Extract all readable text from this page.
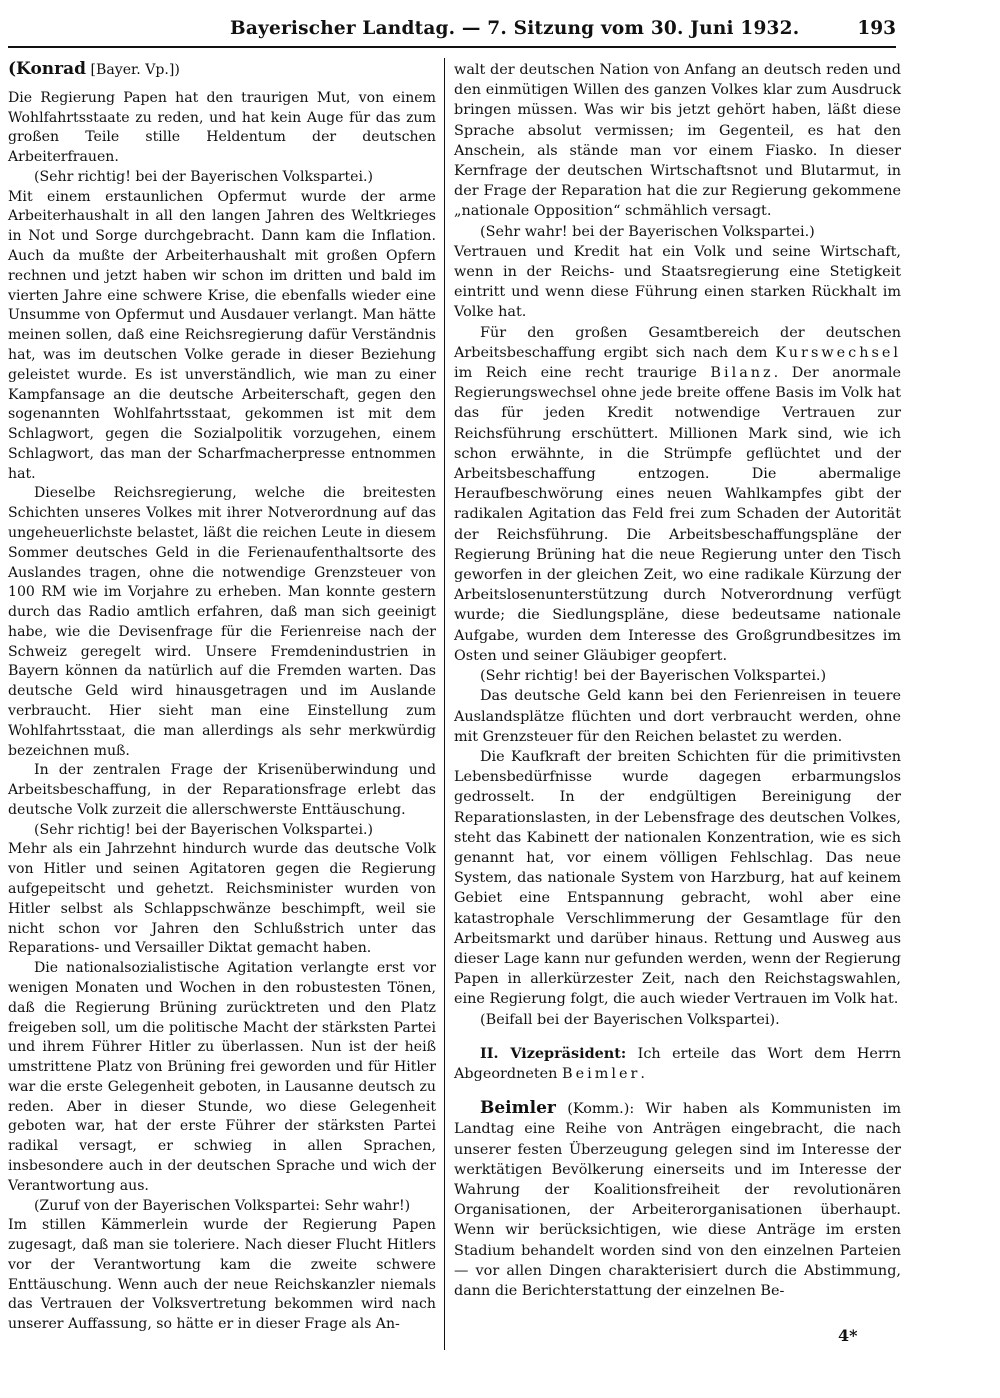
Bayerischer Landtag. — 7. Sitzung vom 30. Juni 1932.	193

(Konrad [Bayer. Vp.])

Die Regierung Papen hat den traurigen Mut, von einem Wohlfahrtsstaate zu reden, und hat kein Auge für das zum großen Teile stille Heldentum der deutschen Arbeiterfrauen.

(Sehr richtig! bei der Bayerischen Volkspartei.)

Mit einem erstaunlichen Opfermut wurde der arme Arbeiterhaushalt in all den langen Jahren des Weltkrieges in Not und Sorge durchgebracht. Dann kam die Inflation. Auch da mußte der Arbeiterhaushalt mit großen Opfern rechnen und jetzt haben wir schon im dritten und bald im vierten Jahre eine schwere Krise, die ebenfalls wieder eine Unsumme von Opfermut und Ausdauer verlangt. Man hätte meinen sollen, daß eine Reichsregierung dafür Verständnis hat, was im deutschen Volke gerade in dieser Beziehung geleistet wurde. Es ist unverständlich, wie man zu einer Kampfansage an die deutsche Arbeiterschaft, gegen den sogenannten Wohlfahrtsstaat, gekommen ist mit dem Schlagwort, gegen die Sozialpolitik vorzugehen, einem Schlagwort, das man der Scharfmacherpresse entnommen hat.

Dieselbe Reichsregierung, welche die breitesten Schichten unseres Volkes mit ihrer Notverordnung auf das ungeheuerlichste belastet, läßt die reichen Leute in diesem Sommer deutsches Geld in die Ferienaufenthaltsorte des Auslandes tragen, ohne die notwendige Grenzsteuer von 100 RM wie im Vorjahre zu erheben. Man konnte gestern durch das Radio amtlich erfahren, daß man sich geeinigt habe, wie die Devisenfrage für die Ferienreise nach der Schweiz geregelt wird. Unsere Fremdenindustrien in Bayern können da natürlich auf die Fremden warten. Das deutsche Geld wird hinausgetragen und im Auslande verbraucht. Hier sieht man eine Einstellung zum Wohlfahrtsstaat, die man allerdings als sehr merkwürdig bezeichnen muß.

In der zentralen Frage der Krisenüberwindung und Arbeitsbeschaffung, in der Reparationsfrage erlebt das deutsche Volk zurzeit die allerschwerste Enttäuschung.

(Sehr richtig! bei der Bayerischen Volkspartei.)

Mehr als ein Jahrzehnt hindurch wurde das deutsche Volk von Hitler und seinen Agitatoren gegen die Regierung aufgepeitscht und gehetzt. Reichsminister wurden von Hitler selbst als Schlappschwänze beschimpft, weil sie nicht schon vor Jahren den Schlußstrich unter das Reparations- und Versailler Diktat gemacht haben.

Die nationalsozialistische Agitation verlangte erst vor wenigen Monaten und Wochen in den robustesten Tönen, daß die Regierung Brüning zurücktreten und den Platz freigeben soll, um die politische Macht der stärksten Partei und ihrem Führer Hitler zu überlassen. Nun ist der heiß umstrittene Platz von Brüning frei geworden und für Hitler war die erste Gelegenheit geboten, in Lausanne deutsch zu reden. Aber in dieser Stunde, wo diese Gelegenheit geboten war, hat der erste Führer der stärksten Partei radikal versagt, er schwieg in allen Sprachen, insbesondere auch in der deutschen Sprache und wich der Verantwortung aus.

(Zuruf von der Bayerischen Volkspartei: Sehr wahr!)

Im stillen Kämmerlein wurde der Regierung Papen zugesagt, daß man sie toleriere. Nach dieser Flucht Hitlers vor der Verantwortung kam die zweite schwere Enttäuschung. Wenn auch der neue Reichskanzler niemals das Vertrauen der Volksvertretung bekommen wird nach unserer Auffassung, so hätte er in dieser Frage als An-

walt der deutschen Nation von Anfang an deutsch reden und den einmütigen Willen des ganzen Volkes klar zum Ausdruck bringen müssen. Was wir bis jetzt gehört haben, läßt diese Sprache absolut vermissen; im Gegenteil, es hat den Anschein, als stände man vor einem Fiasko. In dieser Kernfrage der deutschen Wirtschaftsnot und Blutarmut, in der Frage der Reparation hat die zur Regierung gekommene „nationale Opposition“ schmählich versagt.

(Sehr wahr! bei der Bayerischen Volkspartei.)

Vertrauen und Kredit hat ein Volk und seine Wirtschaft, wenn in der Reichs- und Staatsregierung eine Stetigkeit eintritt und wenn diese Führung einen starken Rückhalt im Volke hat.

Für den großen Gesamtbereich der deutschen Arbeitsbeschaffung ergibt sich nach dem Kurswechsel im Reich eine recht traurige Bilanz. Der anormale Regierungswechsel ohne jede breite offene Basis im Volk hat das für jeden Kredit notwendige Vertrauen zur Reichsführung erschüttert. Millionen Mark sind, wie ich schon erwähnte, in die Strümpfe geflüchtet und der Arbeitsbeschaffung entzogen. Die abermalige Heraufbeschwörung eines neuen Wahlkampfes gibt der radikalen Agitation das Feld frei zum Schaden der Autorität der Reichsführung. Die Arbeitsbeschaffungspläne der Regierung Brüning hat die neue Regierung unter den Tisch geworfen in der gleichen Zeit, wo eine radikale Kürzung der Arbeitslosenunterstützung durch Notverordnung verfügt wurde; die Siedlungspläne, diese bedeutsame nationale Aufgabe, wurden dem Interesse des Großgrundbesitzes im Osten und seiner Gläubiger geopfert.

(Sehr richtig! bei der Bayerischen Volkspartei.)

Das deutsche Geld kann bei den Ferienreisen in teuere Auslandsplätze flüchten und dort verbraucht werden, ohne mit Grenzsteuer für den Reichen belastet zu werden.

Die Kaufkraft der breiten Schichten für die primitivsten Lebensbedürfnisse wurde dagegen erbarmungslos gedrosselt. In der endgültigen Bereinigung der Reparationslasten, in der Lebensfrage des deutschen Volkes, steht das Kabinett der nationalen Konzentration, wie es sich genannt hat, vor einem völligen Fehlschlag. Das neue System, das nationale System von Harzburg, hat auf keinem Gebiet eine Entspannung gebracht, wohl aber eine katastrophale Verschlimmerung der Gesamtlage für den Arbeitsmarkt und darüber hinaus. Rettung und Ausweg aus dieser Lage kann nur gefunden werden, wenn der Regierung Papen in allerkürzester Zeit, nach den Reichstagswahlen, eine Regierung folgt, die auch wieder Vertrauen im Volk hat.

(Beifall bei der Bayerischen Volkspartei).

II. Vizepräsident: Ich erteile das Wort dem Herrn Abgeordneten Beimler.

Beimler (Komm.): Wir haben als Kommunisten im Landtag eine Reihe von Anträgen eingebracht, die nach unserer festen Überzeugung gelegen sind im Interesse der werktätigen Bevölkerung einerseits und im Interesse der Wahrung der Koalitionsfreiheit der revolutionären Organisationen, der Arbeiterorganisationen überhaupt. Wenn wir berücksichtigen, wie diese Anträge im ersten Stadium behandelt worden sind von den einzelnen Parteien — vor allen Dingen charakterisiert durch die Abstimmung, dann die Berichterstattung der einzelnen Be-

4*
